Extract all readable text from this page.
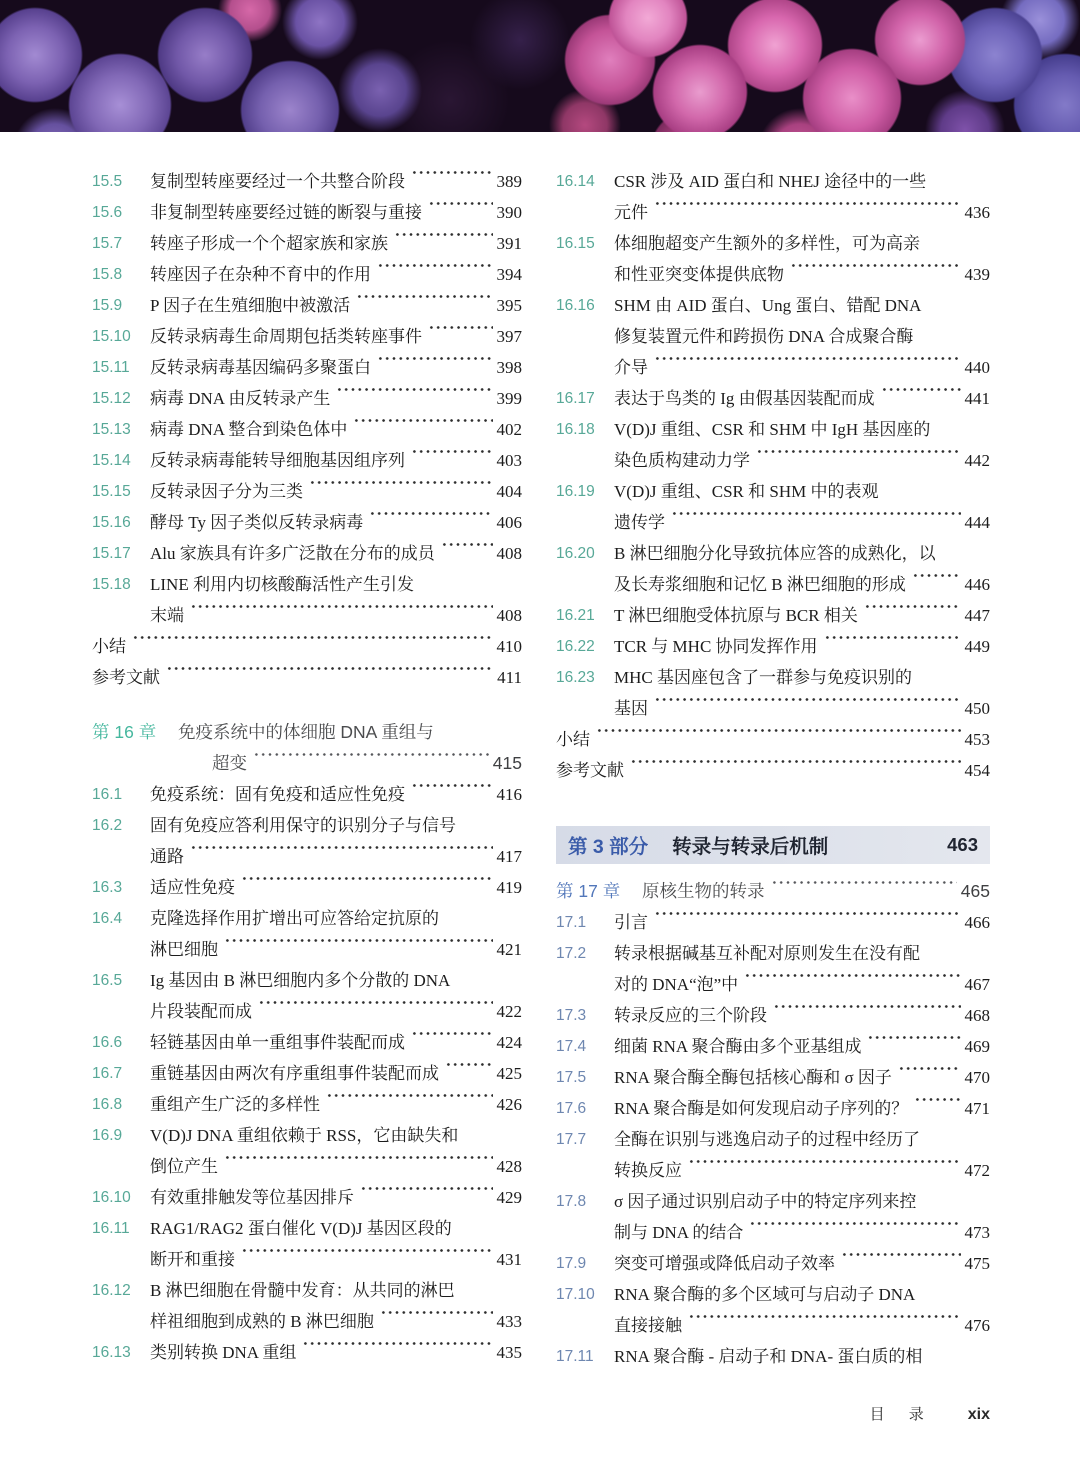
15.5	复制型转座要经过一个共整合阶段	389
15.6	非复制型转座要经过链的断裂与重接	390
15.7	转座子形成一个个超家族和家族	391
15.8	转座因子在杂种不育中的作用	394
15.9	P 因子在生殖细胞中被激活	395
15.10	反转录病毒生命周期包括类转座事件	397
15.11	反转录病毒基因编码多聚蛋白	398
15.12	病毒 DNA 由反转录产生	399
15.13	病毒 DNA 整合到染色体中	402
15.14	反转录病毒能转导细胞基因组序列	403
15.15	反转录因子分为三类	404
15.16	酵母 Ty 因子类似反转录病毒	406
15.17	Alu 家族具有许多广泛散在分布的成员	408
15.18	LINE 利用内切核酸酶活性产生引发
末端	408
小结	410
参考文献	411
第 16 章	免疫系统中的体细胞 DNA 重组与
超变	415
16.1	免疫系统：固有免疫和适应性免疫	416
16.2	固有免疫应答利用保守的识别分子与信号
通路	417
16.3	适应性免疫	419
16.4	克隆选择作用扩增出可应答给定抗原的
淋巴细胞	421
16.5	Ig 基因由 B 淋巴细胞内多个分散的 DNA
片段装配而成	422
16.6	轻链基因由单一重组事件装配而成	424
16.7	重链基因由两次有序重组事件装配而成	425
16.8	重组产生广泛的多样性	426
16.9	V(D)J DNA 重组依赖于 RSS，它由缺失和
倒位产生	428
16.10	有效重排触发等位基因排斥	429
16.11	RAG1/RAG2 蛋白催化 V(D)J 基因区段的
断开和重接	431
16.12	B 淋巴细胞在骨髓中发育：从共同的淋巴
样祖细胞到成熟的 B 淋巴细胞	433
16.13	类别转换 DNA 重组	435
16.14	CSR 涉及 AID 蛋白和 NHEJ 途径中的一些
元件	436
16.15	体细胞超变产生额外的多样性，可为高亲
和性亚突变体提供底物	439
16.16	SHM 由 AID 蛋白、Ung 蛋白、错配 DNA
修复装置元件和跨损伤 DNA 合成聚合酶
介导	440
16.17	表达于鸟类的 Ig 由假基因装配而成	441
16.18	V(D)J 重组、CSR 和 SHM 中 IgH 基因座的
染色质构建动力学	442
16.19	V(D)J 重组、CSR 和 SHM 中的表观
遗传学	444
16.20	B 淋巴细胞分化导致抗体应答的成熟化，以
及长寿浆细胞和记忆 B 淋巴细胞的形成	446
16.21	T 淋巴细胞受体抗原与 BCR 相关	447
16.22	TCR 与 MHC 协同发挥作用	449
16.23	MHC 基因座包含了一群参与免疫识别的
基因	450
小结	453
参考文献	454
第 3 部分 转录与转录后机制	463
第 17 章	原核生物的转录	465
17.1	引言	466
17.2	转录根据碱基互补配对原则发生在没有配
对的 DNA“泡”中	467
17.3	转录反应的三个阶段	468
17.4	细菌 RNA 聚合酶由多个亚基组成	469
17.5	RNA 聚合酶全酶包括核心酶和 σ 因子	470
17.6	RNA 聚合酶是如何发现启动子序列的？	471
17.7	全酶在识别与逃逸启动子的过程中经历了
转换反应	472
17.8	σ 因子通过识别启动子中的特定序列来控
制与 DNA 的结合	473
17.9	突变可增强或降低启动子效率	475
17.10	RNA 聚合酶的多个区域可与启动子 DNA
直接接触	476
17.11	RNA 聚合酶 - 启动子和 DNA- 蛋白质的相
目 录 xix
